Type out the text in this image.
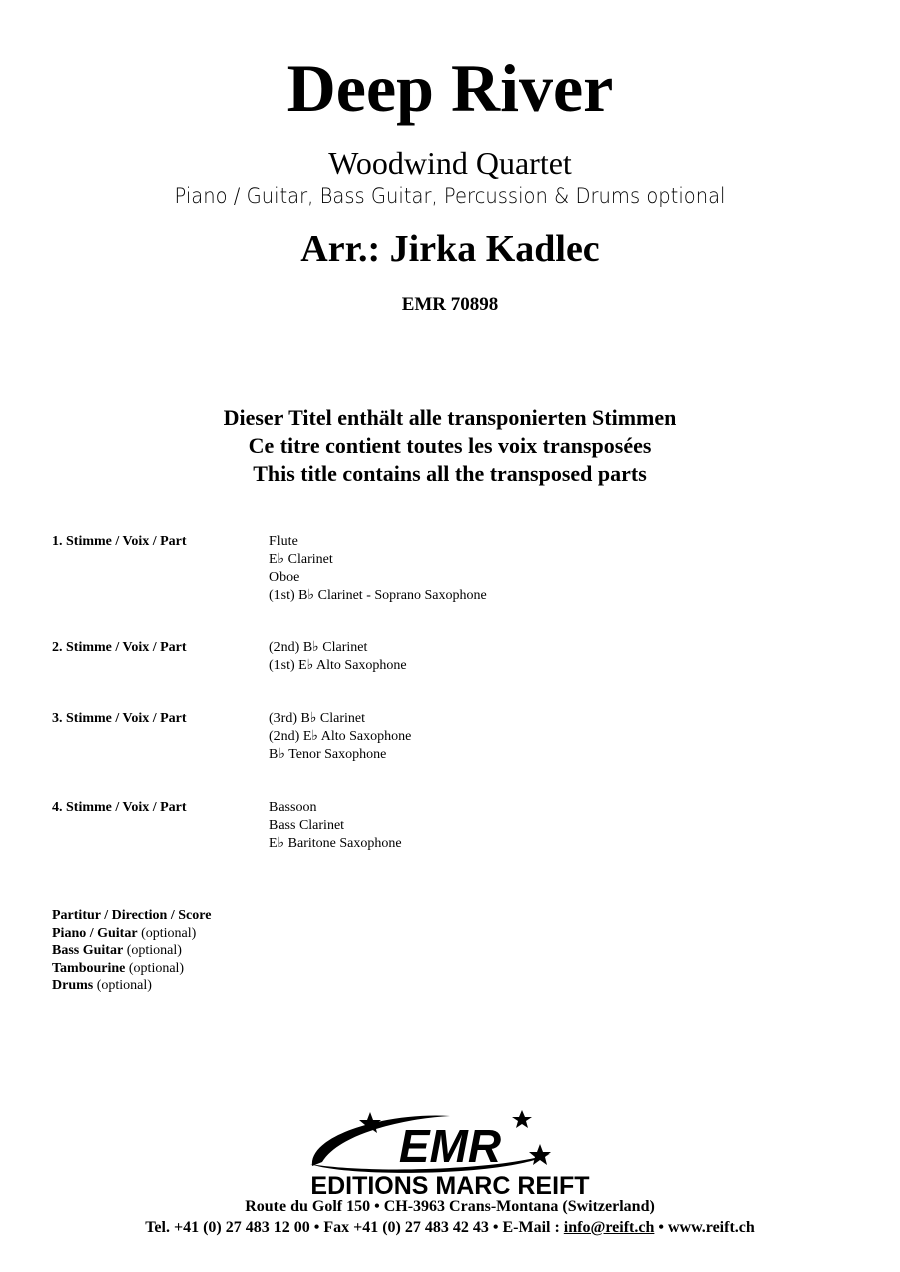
Deep River
Woodwind Quartet
Piano / Guitar, Bass Guitar, Percussion & Drums optional
Arr.: Jirka Kadlec
EMR 70898
Dieser Titel enthält alle transponierten Stimmen
Ce titre contient toutes les voix transposées
This title contains all the transposed parts
1. Stimme / Voix / Part	Flute
E♭ Clarinet
Oboe
(1st) B♭ Clarinet - Soprano Saxophone
2. Stimme / Voix / Part	(2nd) B♭ Clarinet
(1st) E♭ Alto Saxophone
3. Stimme / Voix / Part	(3rd) B♭ Clarinet
(2nd) E♭ Alto Saxophone
B♭ Tenor Saxophone
4. Stimme / Voix / Part	Bassoon
Bass Clarinet
E♭ Baritone Saxophone
Partitur / Direction / Score
Piano / Guitar (optional)
Bass Guitar (optional)
Tambourine (optional)
Drums (optional)
EMR
EDITIONS MARC REIFT
Route du Golf 150 • CH-3963 Crans-Montana (Switzerland)
Tel. +41 (0) 27 483 12 00 • Fax +41 (0) 27 483 42 43 • E-Mail : info@reift.ch • www.reift.ch
